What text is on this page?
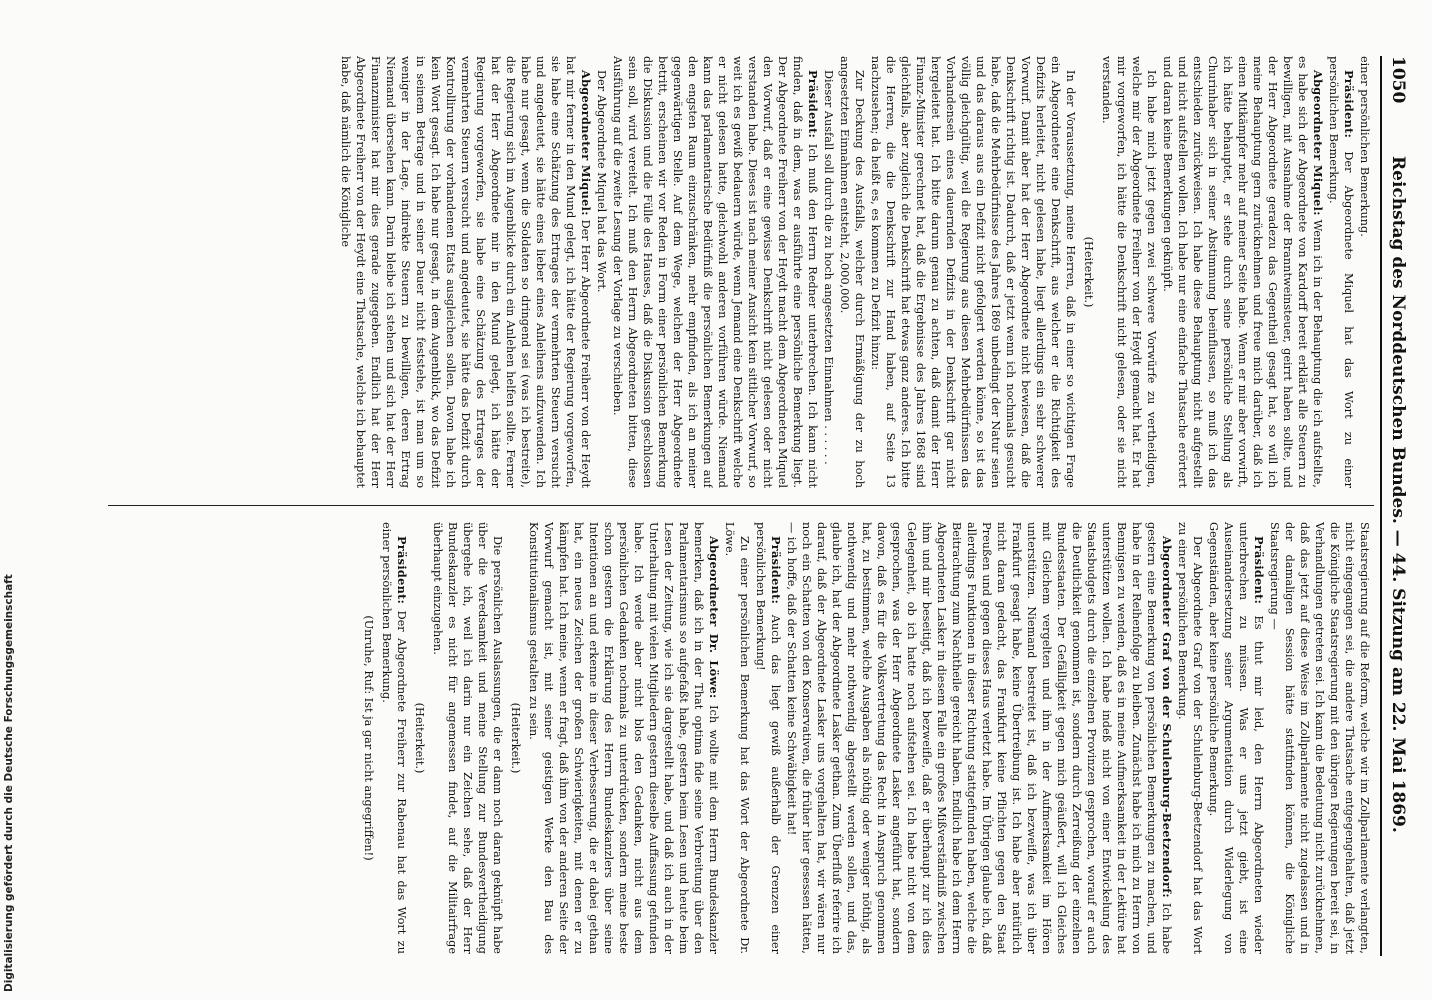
1050
Reichstag des Norddeutschen Bundes. — 44. Sitzung am 22. Mai 1869.

einer persönlichen Bemerkung.

Präsident: Der Abgeordnete Miquel hat das Wort zu einer persönlichen Bemerkung.

Abgeordneter Miquel: Wenn ich in der Behauptung die ich aufstellte, es habe sich der Abgeordnete von Kardorff bereit erklärt alle Steuern zu bewilligen, mit Ausnahme der Branntweinsteuer, geirrt haben sollte, und der Herr Abgeordnete geradezu das Gegentheil gesagt hat, so will ich meine Behauptung gern zurücknehmen und freue mich darüber, daß ich einen Mitkämpfer mehr auf meiner Seite habe. Wenn er mir aber vorwirft, ich hätte behauptet, er stehe durch seine persönliche Stellung als Churinhaber sich in seiner Abstimmung beeinflussen, so muß ich das entschieden zurückweisen. Ich habe diese Behauptung nicht aufgestellt und nicht aufstellen wollen. Ich habe nur eine einfache Thatsache erörtert und daran keine Bemerkungen geknüpft.

Ich habe mich jetzt gegen zwei schwere Vorwürfe zu vertheidigen, welche mir der Abgeordnete Freiherr von der Heydt gemacht hat. Er hat mir vorgeworfen, ich hätte die Denkschrift nicht gelesen, oder sie nicht verstanden.

(Heiterkeit.)

In der Voraussetzung, meine Herren, daß in einer so wichtigen Frage ein Abgeordneter eine Denkschrift, aus welcher er die Richtigkeit des Defizits herleitet, nicht gelesen habe, liegt allerdings ein sehr schwerer Vorwurf. Damit aber hat der Herr Abgeordnete nicht bewiesen, daß die Denkschrift richtig ist. Dadurch, daß er jetzt wenn ich nochmals gesucht habe, daß die Mehrbedürfnisse des Jahres 1869 unbedingt der Natur seien und das daraus aus ein Defizit nicht gefolgert werden könne, so ist das völlig gleichgültig, weil die Regierung aus diesen Mehrbedürfnissen das Vorhandensein eines dauernden Defizits in der Denkschrift gar nicht hergeleitet hat. Ich bitte darum genau zu achten, daß damit der Herr Finanz-Minister gerechnet hat, daß die Ergebnisse des Jahres 1868 sind gleichfalls, aber zugleich die Denkschrift hat etwas ganz anderes. Ich bitte die Herren, die die Denkschrift zur Hand haben, auf Seite 13 nachzusehen; da heißt es, es kommen zu Defizit hinzu:

Zur Deckung des Ausfalls, welcher durch Ermäßigung der zu hoch angesetzten Einnahmen entsteht, 2,000,000.

Dieser Ausfall soll durch die zu hoch angesetzten Einnahmen . . . . . .

Präsident: Ich muß den Herrn Redner unterbrechen. Ich kann nicht finden, daß in dem, was er ausführte eine persönliche Bemerkung liegt. Der Abgeordnete Freiherr von der Heydt macht dem Abgeordneten Miquel den Vorwurf, daß er eine gewisse Denkschrift nicht gelesen oder nicht verstanden habe. Dieses ist nach meiner Ansicht kein sittlicher Vorwurf, so weit ich es gewiß bedauern würde, wenn Jemand eine Denkschrift welche er nicht gelesen hatte, gleichwohl anderen vorführen würde. Niemand kann das parlamentarische Bedürfniß die persönlichen Bemerkungen auf den engsten Raum einzuschränken, mehr empfinden, als ich an meiner gegenwärtigen Stelle. Auf dem Wege, welchen der Herr Abgeordnete betritt, erscheinen wir vor Reden in Form einer persönlichen Bemerkung die Diskussion und die Fülle des Hauses, daß die Diskussion geschlossen sein soll, wird vereitelt. Ich muß den Herrn Abgeordneten bitten, diese Ausführung auf die zweite Lesung der Vorlage zu verschieben.

Der Abgeordnete Miquel hat das Wort.

Abgeordneter Miquel: Der Herr Abgeordnete Freiherr von der Heydt hat mir ferner in den Mund gelegt, ich hätte der Regierung vorgeworfen, sie habe eine Schätzung des Ertrages der vermehrten Steuern versucht und angedeutet, sie hätte eines lieber eines Anleihens aufzuwenden. Ich habe nur gesagt, wenn die Soldaten so dringend sei (was ich bestreite), die Regierung sich im Augenblicke durch ein Anlehen helfen sollte. Ferner hat der Herr Abgeordnete mir in den Mund gelegt, ich hätte der Regierung vorgeworfen, sie habe eine Schätzung des Ertrages der vermehrten Steuern versucht und angedeutet, sie hätte das Defizit durch Kontrollirung der vorhandenen Etats ausgleichen sollen. Davon habe ich kein Wort gesagt. Ich habe nur gesagt, in dem Augenblick, wo das Defizit in seinem Betrage und in seiner Dauer nicht feststehe, ist man um so weniger in der Lage, indirekte Steuern zu bewilligen, deren Ertrag Niemand übersehen kann. Darin bleibe ich stehen und sich hat der Herr Finanzminister hat mir dies gerade zugegeben. Endlich hat der Herr Abgeordnete Freiherr von der Heydt eine Thatsache, welche ich behauptet habe, daß nämlich die Königliche

Staatsregierung auf die Reform, welche wir im Zollparlamente verlangten, nicht eingegangen sei, die andere Thatsache entgegengehalten, daß jetzt die Königliche Staatsregierung mit den übrigen Regierungen bereit sei, in Verhandlungen getreten sei. Ich kann die Bedeutung nicht zurücknehmen, daß das jetzt auf diese Weise im Zollparlamente nicht zugelassen und in der damaligen Session hätte stattfinden können, die Königliche Staatsregierung —

Präsident: Es thut mir leid, den Herrn Abgeordneten wieder unterbrechen zu müssen. Was er uns jetzt giebt, ist eine Auseinandersetzung seiner Argumentation durch Widerlegung von Gegenständen, aber keine persönliche Bemerkung.

Der Abgeordnete Graf von der Schulenburg-Beetzendorf hat das Wort zu einer persönlichen Bemerkung.

Abgeordneter Graf von der Schulenburg-Beetzendorf: Ich habe gestern eine Bemerkung von persönlichen Bemerkungen zu machen, und habe in der Reihenfolge zu bleiben. Zunächst habe ich mich zu Herrn von Bennigsen zu wenden, daß es in meine Aufmerksamkeit in der Lektüre hat unterstützen wollen. Ich habe indeß nicht von einer Entwickelung des Staatsbudgets durch die einzelnen Provinzen gesprochen, worauf er auch die Deutlichkeit genommen ist, sondern durch Zerreißung der einzelnen Bundesstaaten. Der Gefälligkeit gegen mich geäußert, will ich Gleiches mit Gleichem vergelten und ihm in der Aufmerksamkeit im Hören unterstützen. Niemand bestreitet ist, daß ich bezweifle, was ich über Frankfurt gesagt habe, keine Übertreibung ist. Ich habe aber natürlich nicht daran gedacht, das Frankfurt keine Pflichten gegen den Staat Preußen und gegen dieses Haus verletzt habe. Im Übrigen glaube ich, daß allerdings Funktionen in dieser Richtung stattgefunden haben, welche die Beitrachtung zum Nachtheile gereicht haben. Endlich habe ich dem Herrn Abgeordneten Lasker in diesem Falle ein großes Mißverständniß zwischen ihm und mir beseitigt, daß ich bezweifle, daß er überhaupt zur ich dies Gelegenheit, ob ich hatte noch aufstehen sei. Ich habe nicht von dem gesprochen, was der Herr Abgeordnete Lasker angeführt hat, sondern davon, daß es für die Volksvertretung das Recht in Anspruch genommen hat, zu bestimmen, welche Ausgaben als nöthig oder weniger nöthig, als nothwendig und mehr nothwendig abgestellt werden sollen, und das, glaube ich, hat der Abgeordnete Lasker gethan. Zum Überfluß referire ich darauf, daß der Abgeordnete Lasker uns vorgehalten hat, wir wären nur noch ein Schatten von den Konservativen, die früher hier gesessen hätten, — ich hoffe, daß der Schatten keine Schwäbigkeit hat!

Präsident: Auch das liegt gewiß außerhalb der Grenzen einer persönlichen Bemerkung!

Zu einer persönlichen Bemerkung hat das Wort der Abgeordnete Dr. Löwe.

Abgeordneter Dr. Löwe: Ich wollte mit dem Herrn Bundeskanzler bemerken, daß ich in der That optima fide seine Verbreitung über den Parlamentarismus so aufgefaßt habe, gestern beim Lesen und heute beim Lesen der Zeitung, wie ich sie dargestellt habe, und daß ich auch in der Unterhaltung mit vielen Mitgliedern gestern dieselbe Auffassung gefunden habe. Ich werde aber nicht blos den Gedanken, nicht aus dem persönlichen Gedanken nochmals zu unterdrücken, sondern meine beste schon gestern die Erklärung des Herrn Bundeskanzlers über seine Intentionen an und erkenne in dieser Verbesserung, die er dabei gethan hat, ein neues Zeichen der großen Schwierigkeiten, mit denen er zu kämpfen hat. Ich meine, wenn er fragt, daß ihm von der anderen Seite der Vorwurf gemacht ist, mit seiner geistigen Werke den Bau des Konstitutionalismus gestalten zu sein.

(Heiterkeit.)

Die persönlichen Auslassungen, die er dann noch daran geknüpft habe über die Veredsamkeit und meine Stellung zur Bundesvertheidigung übergehe ich, weil ich darin nur ein Zeichen sehe, daß der Herr Bundeskanzler es nicht für angemessen findet, auf die Militairfrage überhaupt einzugehen.

(Heiterkeit.)

Präsident: Der Abgeordnete Freiherr zur Rabenau hat das Wort zu einer persönlichen Bemerkung.

(Unruhe, Ruf: Ist ja gar nicht angegriffen!)

Digitalisierung gefördert durch die Deutsche Forschungsgemeinschaft
